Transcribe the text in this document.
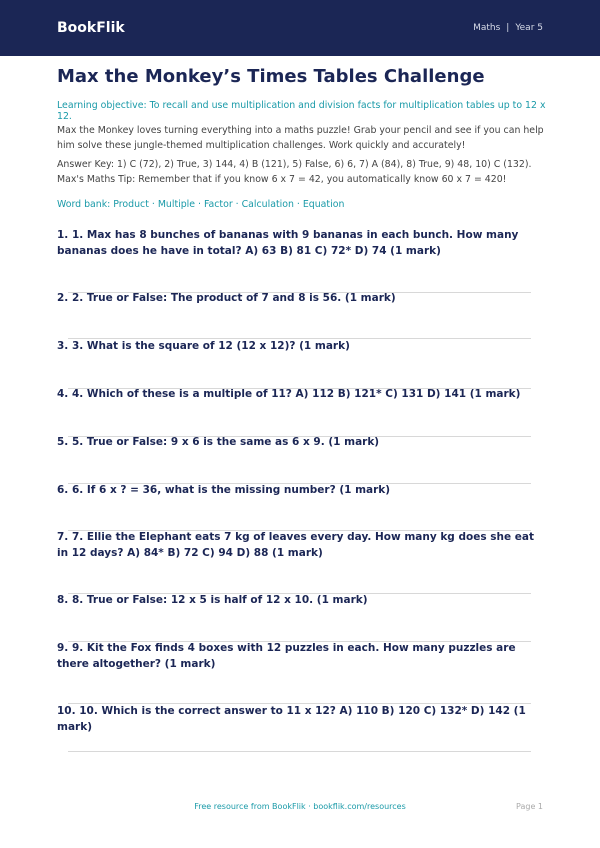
BookFlik	Maths | Year 5
Max the Monkey’s Times Tables Challenge
Learning objective: To recall and use multiplication and division facts for multiplication tables up to 12 x 12.
Max the Monkey loves turning everything into a maths puzzle! Grab your pencil and see if you can help him solve these jungle-themed multiplication challenges. Work quickly and accurately!
Answer Key: 1) C (72), 2) True, 3) 144, 4) B (121), 5) False, 6) 6, 7) A (84), 8) True, 9) 48, 10) C (132).
Max's Maths Tip: Remember that if you know 6 x 7 = 42, you automatically know 60 x 7 = 420!
Word bank: Product · Multiple · Factor · Calculation · Equation

1. 1. Max has 8 bunches of bananas with 9 bananas in each bunch. How many bananas does he have in total? A) 63 B) 81 C) 72* D) 74 (1 mark)

2. 2. True or False: The product of 7 and 8 is 56. (1 mark)

3. 3. What is the square of 12 (12 x 12)? (1 mark)

4. 4. Which of these is a multiple of 11? A) 112 B) 121* C) 131 D) 141 (1 mark)

5. 5. True or False: 9 x 6 is the same as 6 x 9. (1 mark)

6. 6. If 6 x ? = 36, what is the missing number? (1 mark)

7. 7. Ellie the Elephant eats 7 kg of leaves every day. How many kg does she eat in 12 days? A) 84* B) 72 C) 94 D) 88 (1 mark)

8. 8. True or False: 12 x 5 is half of 12 x 10. (1 mark)

9. 9. Kit the Fox finds 4 boxes with 12 puzzles in each. How many puzzles are there altogether? (1 mark)

10. 10. Which is the correct answer to 11 x 12? A) 110 B) 120 C) 132* D) 142 (1 mark)

Free resource from BookFlik · bookflik.com/resources	Page 1
